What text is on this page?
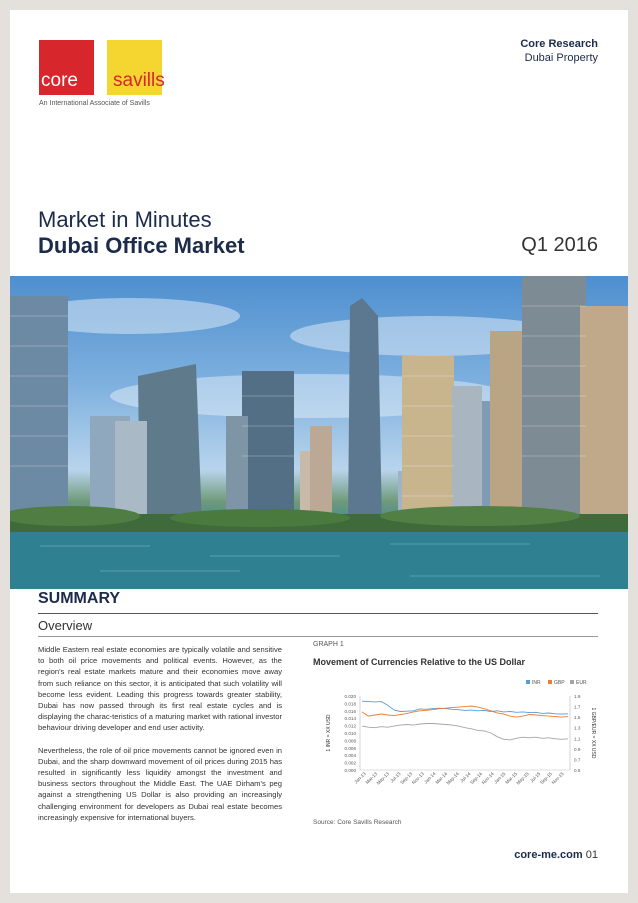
core savills
An International Associate of Savills
Core Research
Dubai Property
Market in Minutes
Dubai Office Market	Q1 2016
SUMMARY
Overview

Middle Eastern real estate economies are typically volatile and sensitive to both oil price movements and political events. However, as the region's real estate markets mature and their economies move away from such reliance on this sector, it is anticipated that such volatility will become less evident. Leading this progress towards greater stability, Dubai has now passed through its first real estate cycles and is displaying the charac-teristics of a maturing market with rational investor behaviour driving developer and end user activity.

Nevertheless, the role of oil price movements cannot be ignored even in Dubai, and the sharp downward movement of oil prices during 2015 has resulted in significantly less liquidity amongst the investment and business sectors throughout the Middle East. The UAE Dirham's peg against a strengthening US Dollar is also providing an increasingly challenging environment for developers as Dubai real estate becomes increasingly expensive for international buyers.

GRAPH 1
Movement of Currencies Relative to the US Dollar
0.000
0.002
0.004
0.006
0.008
0.010
0.012
0.014
0.016
0.018
0.020
0.5
0.7
0.9
1.1
1.3
1.5
1.7
1.9
1 INR = XX USD	1 GBP/EUR = XX USD
Jan-13
Mar-13
May-13 Jul-13
Sep-13
Nov-13
Jan-14
Mar-14
May-14 Jul-14
Sep-14
Nov-14
Jan-15
Mar-15
May-15 Jul-15
Sep-15
Nov-15
INR	GBP EUR
Source: Core Savills Research
core-me.com 01
